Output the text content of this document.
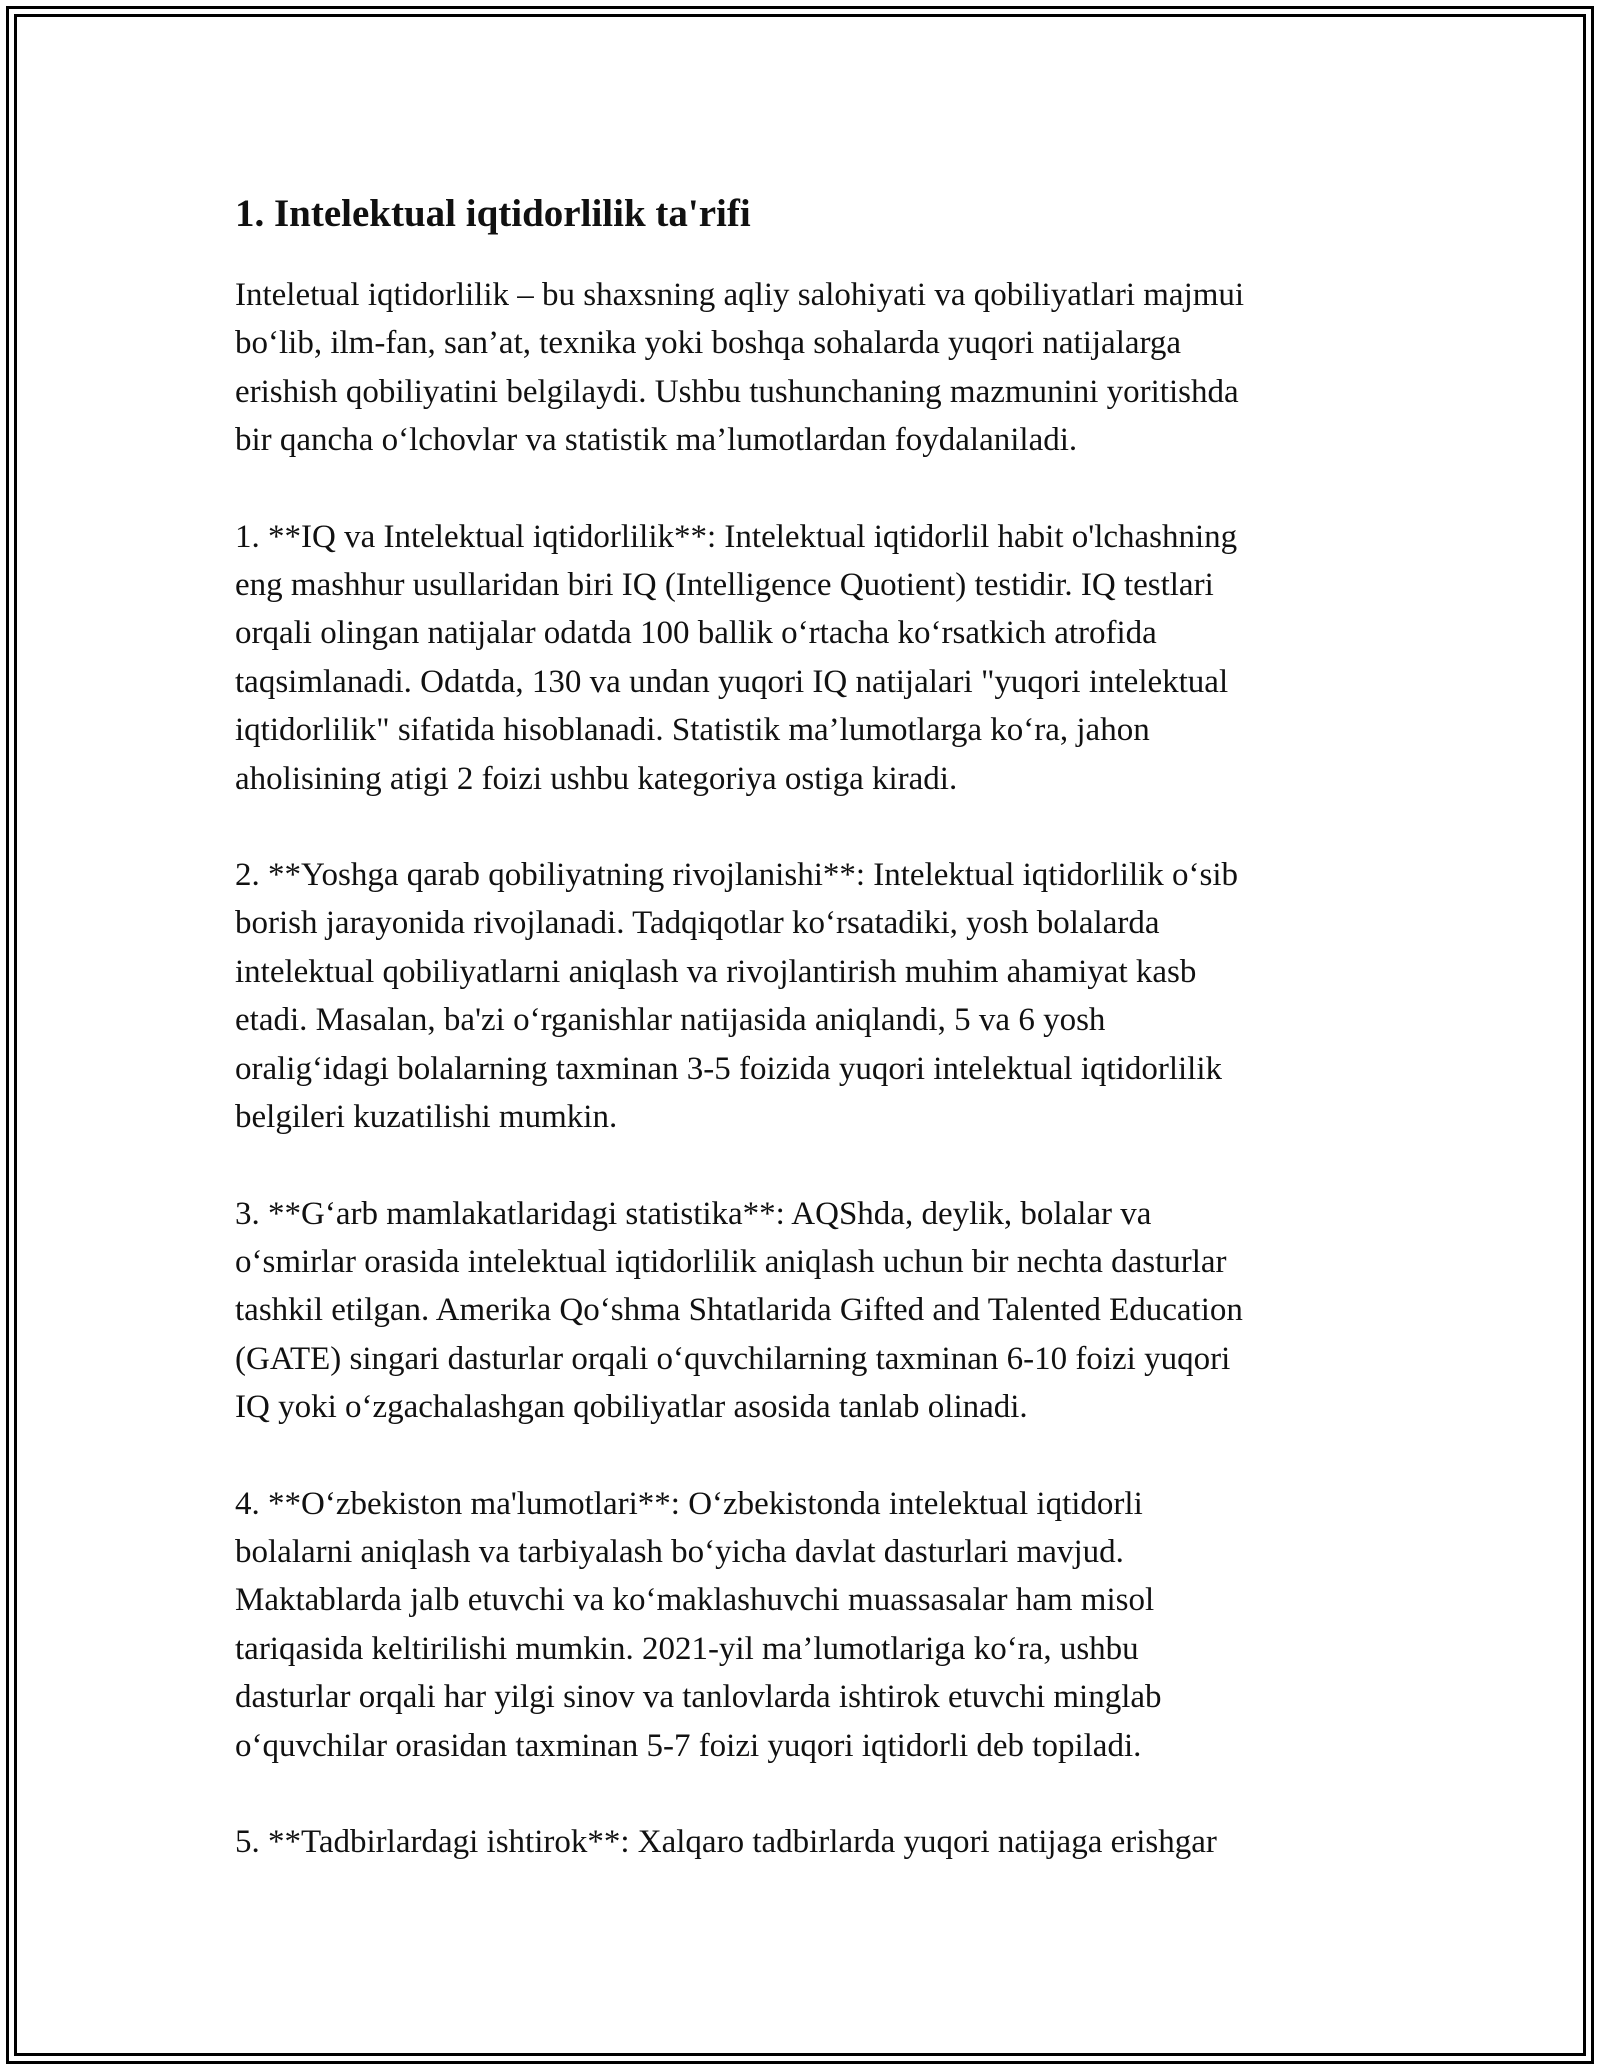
1. Intelektual iqtidorlilik ta'rifi

Inteletual iqtidorlilik – bu shaxsning aqliy salohiyati va qobiliyatlari majmui
bo‘lib, ilm-fan, san’at, texnika yoki boshqa sohalarda yuqori natijalarga
erishish qobiliyatini belgilaydi. Ushbu tushunchaning mazmunini yoritishda
bir qancha o‘lchovlar va statistik ma’lumotlardan foydalaniladi.

1. **IQ va Intelektual iqtidorlilik**: Intelektual iqtidorlil habit o'lchashning
eng mashhur usullaridan biri IQ (Intelligence Quotient) testidir. IQ testlari
orqali olingan natijalar odatda 100 ballik o‘rtacha ko‘rsatkich atrofida
taqsimlanadi. Odatda, 130 va undan yuqori IQ natijalari "yuqori intelektual
iqtidorlilik" sifatida hisoblanadi. Statistik ma’lumotlarga ko‘ra, jahon
aholisining atigi 2 foizi ushbu kategoriya ostiga kiradi.

2. **Yoshga qarab qobiliyatning rivojlanishi**: Intelektual iqtidorlilik o‘sib
borish jarayonida rivojlanadi. Tadqiqotlar ko‘rsatadiki, yosh bolalarda
intelektual qobiliyatlarni aniqlash va rivojlantirish muhim ahamiyat kasb
etadi. Masalan, ba'zi o‘rganishlar natijasida aniqlandi, 5 va 6 yosh
oralig‘idagi bolalarning taxminan 3-5 foizida yuqori intelektual iqtidorlilik
belgileri kuzatilishi mumkin.

3. **G‘arb mamlakatlaridagi statistika**: AQShda, deylik, bolalar va
o‘smirlar orasida intelektual iqtidorlilik aniqlash uchun bir nechta dasturlar
tashkil etilgan. Amerika Qo‘shma Shtatlarida Gifted and Talented Education
(GATE) singari dasturlar orqali o‘quvchilarning taxminan 6-10 foizi yuqori
IQ yoki o‘zgachalashgan qobiliyatlar asosida tanlab olinadi.

4. **O‘zbekiston ma'lumotlari**: O‘zbekistonda intelektual iqtidorli
bolalarni aniqlash va tarbiyalash bo‘yicha davlat dasturlari mavjud.
Maktablarda jalb etuvchi va ko‘maklashuvchi muassasalar ham misol
tariqasida keltirilishi mumkin. 2021-yil ma’lumotlariga ko‘ra, ushbu
dasturlar orqali har yilgi sinov va tanlovlarda ishtirok etuvchi minglab
o‘quvchilar orasidan taxminan 5-7 foizi yuqori iqtidorli deb topiladi.

5. **Tadbirlardagi ishtirok**: Xalqaro tadbirlarda yuqori natijaga erishgar
